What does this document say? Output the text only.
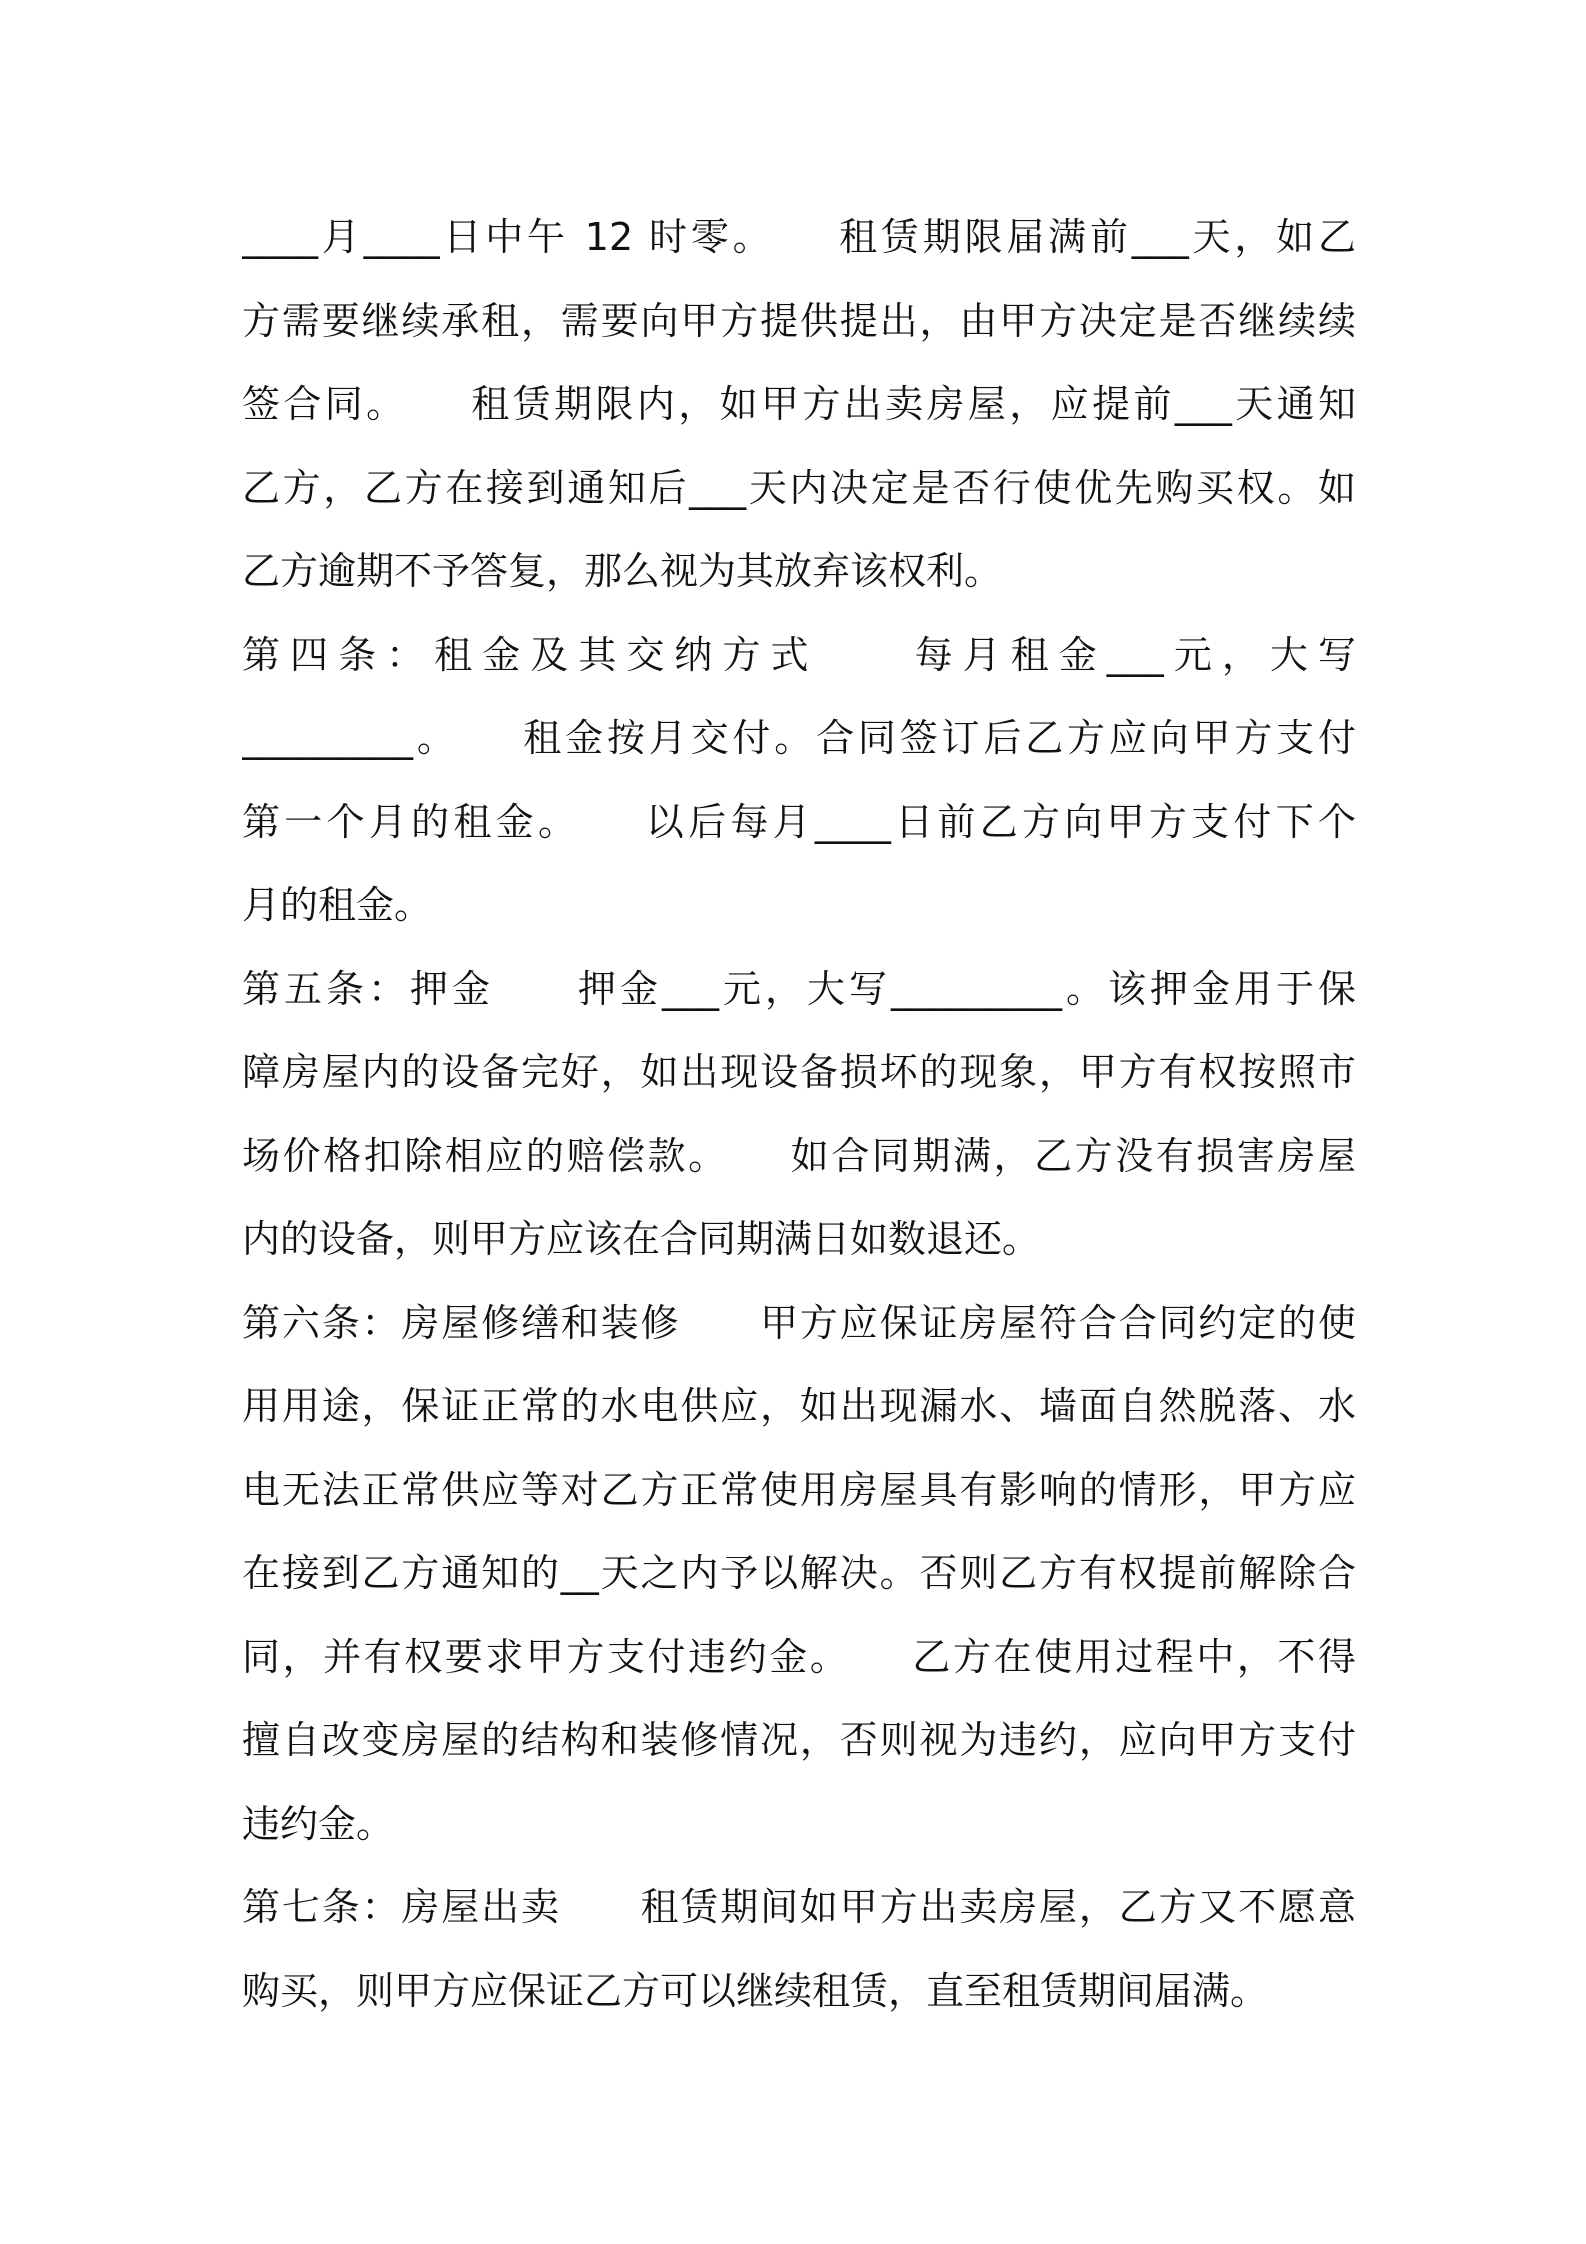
____月____日中午 12 时零。　　租赁期限届满前___天，如乙
方需要继续承租，需要向甲方提供提出，由甲方决定是否继续续
签合同。　　租赁期限内，如甲方出卖房屋，应提前___天通知
乙方，乙方在接到通知后___天内决定是否行使优先购买权。如
乙方逾期不予答复，那么视为其放弃该权利。
第四条：租金及其交纳方式　　每月租金___元，大写
_________。　　租金按月交付。合同签订后乙方应向甲方支付
第一个月的租金。　　以后每月____日前乙方向甲方支付下个
月的租金。
第五条：押金　　押金___元，大写_________。该押金用于保
障房屋内的设备完好，如出现设备损坏的现象，甲方有权按照市
场价格扣除相应的赔偿款。　　如合同期满，乙方没有损害房屋
内的设备，则甲方应该在合同期满日如数退还。
第六条：房屋修缮和装修　　甲方应保证房屋符合合同约定的使
用用途，保证正常的水电供应，如出现漏水、墙面自然脱落、水
电无法正常供应等对乙方正常使用房屋具有影响的情形，甲方应
在接到乙方通知的__天之内予以解决。否则乙方有权提前解除合
同，并有权要求甲方支付违约金。　　乙方在使用过程中，不得
擅自改变房屋的结构和装修情况，否则视为违约，应向甲方支付
违约金。
第七条：房屋出卖　　租赁期间如甲方出卖房屋，乙方又不愿意
购买，则甲方应保证乙方可以继续租赁，直至租赁期间届满。
